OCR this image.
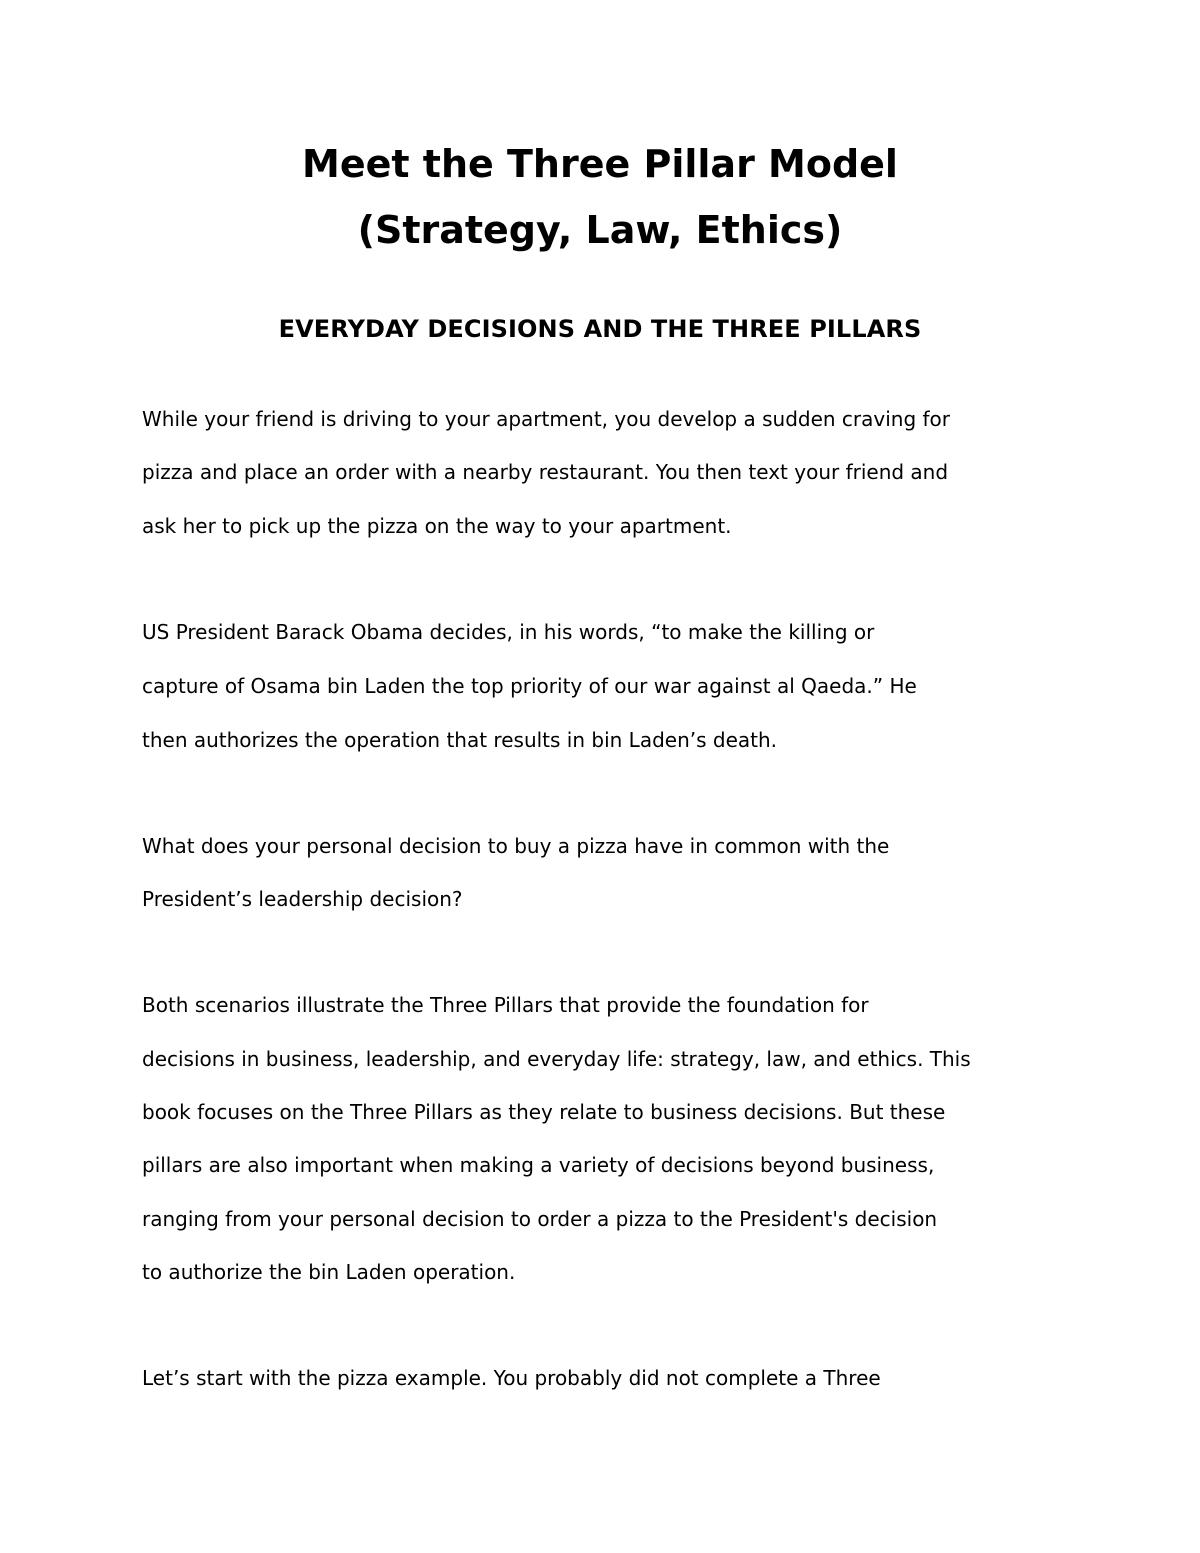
Meet the Three Pillar Model
(Strategy, Law, Ethics)
EVERYDAY DECISIONS AND THE THREE PILLARS
While your friend is driving to your apartment, you develop a sudden craving for
pizza and place an order with a nearby restaurant. You then text your friend and
ask her to pick up the pizza on the way to your apartment.
US President Barack Obama decides, in his words, “to make the killing or
capture of Osama bin Laden the top priority of our war against al Qaeda.” He
then authorizes the operation that results in bin Laden’s death.
What does your personal decision to buy a pizza have in common with the
President’s leadership decision?
Both scenarios illustrate the Three Pillars that provide the foundation for
decisions in business, leadership, and everyday life: strategy, law, and ethics. This
book focuses on the Three Pillars as they relate to business decisions. But these
pillars are also important when making a variety of decisions beyond business,
ranging from your personal decision to order a pizza to the President's decision
to authorize the bin Laden operation.
Let’s start with the pizza example. You probably did not complete a Three
